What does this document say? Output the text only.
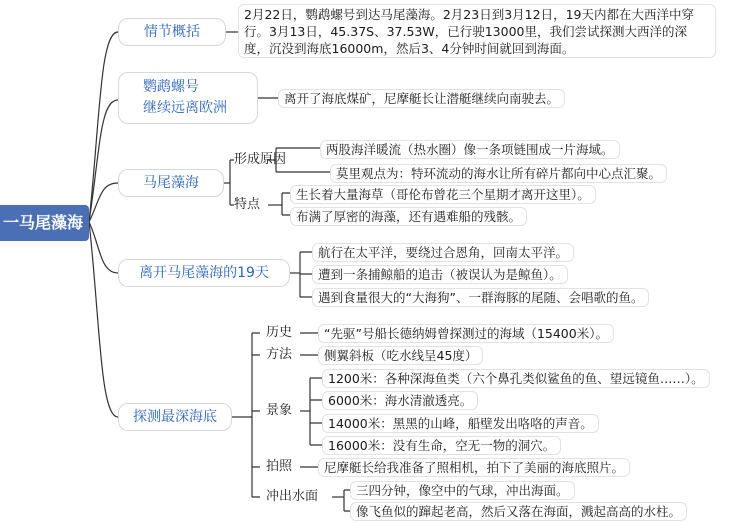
一马尾藻海
情节概括
2月22日，鹦鹉螺号到达马尾藻海。2月23日到3月12日，19天内都在大西洋中穿行。3月13日，45.37S、37.53W，已行驶13000里，我们尝试探测大西洋的深度，沉没到海底16000m，然后3、4分钟时间就回到海面。
鹦鹉螺号
继续远离欧洲
离开了海底煤矿，尼摩艇长让潜艇继续向南驶去。
马尾藻海
形成原因
两股海洋暖流（热水圈）像一条项链围成一片海域。
莫里观点为：特环流动的海水让所有碎片都向中心点汇聚。
特点
生长着大量海草（哥伦布曾花三个星期才离开这里）。
布满了厚密的海藻，还有遇难船的残骸。
离开马尾藻海的19天
航行在太平洋，要绕过合恩角，回南太平洋。
遭到一条捕鲸船的追击（被误认为是鲸鱼）。
遇到食量很大的“大海狗”、一群海豚的尾随、会唱歌的鱼。
探测最深海底
历史	“先驱”号船长德纳姆曾探测过的海域（15400米）。
方法	侧翼斜板（吃水线呈45度）
景象
1200米：各种深海鱼类（六个鼻孔类似鲨鱼的鱼、望远镜鱼……）。
6000米：海水清澈透亮。
14000米：黑黑的山峰，船壁发出咯咯的声音。
16000米：没有生命，空无一物的洞穴。
拍照	尼摩艇长给我准备了照相机，拍下了美丽的海底照片。
冲出水面	三四分钟，像空中的气球，冲出海面。
像飞鱼似的蹿起老高，然后又落在海面，溅起高高的水柱。
